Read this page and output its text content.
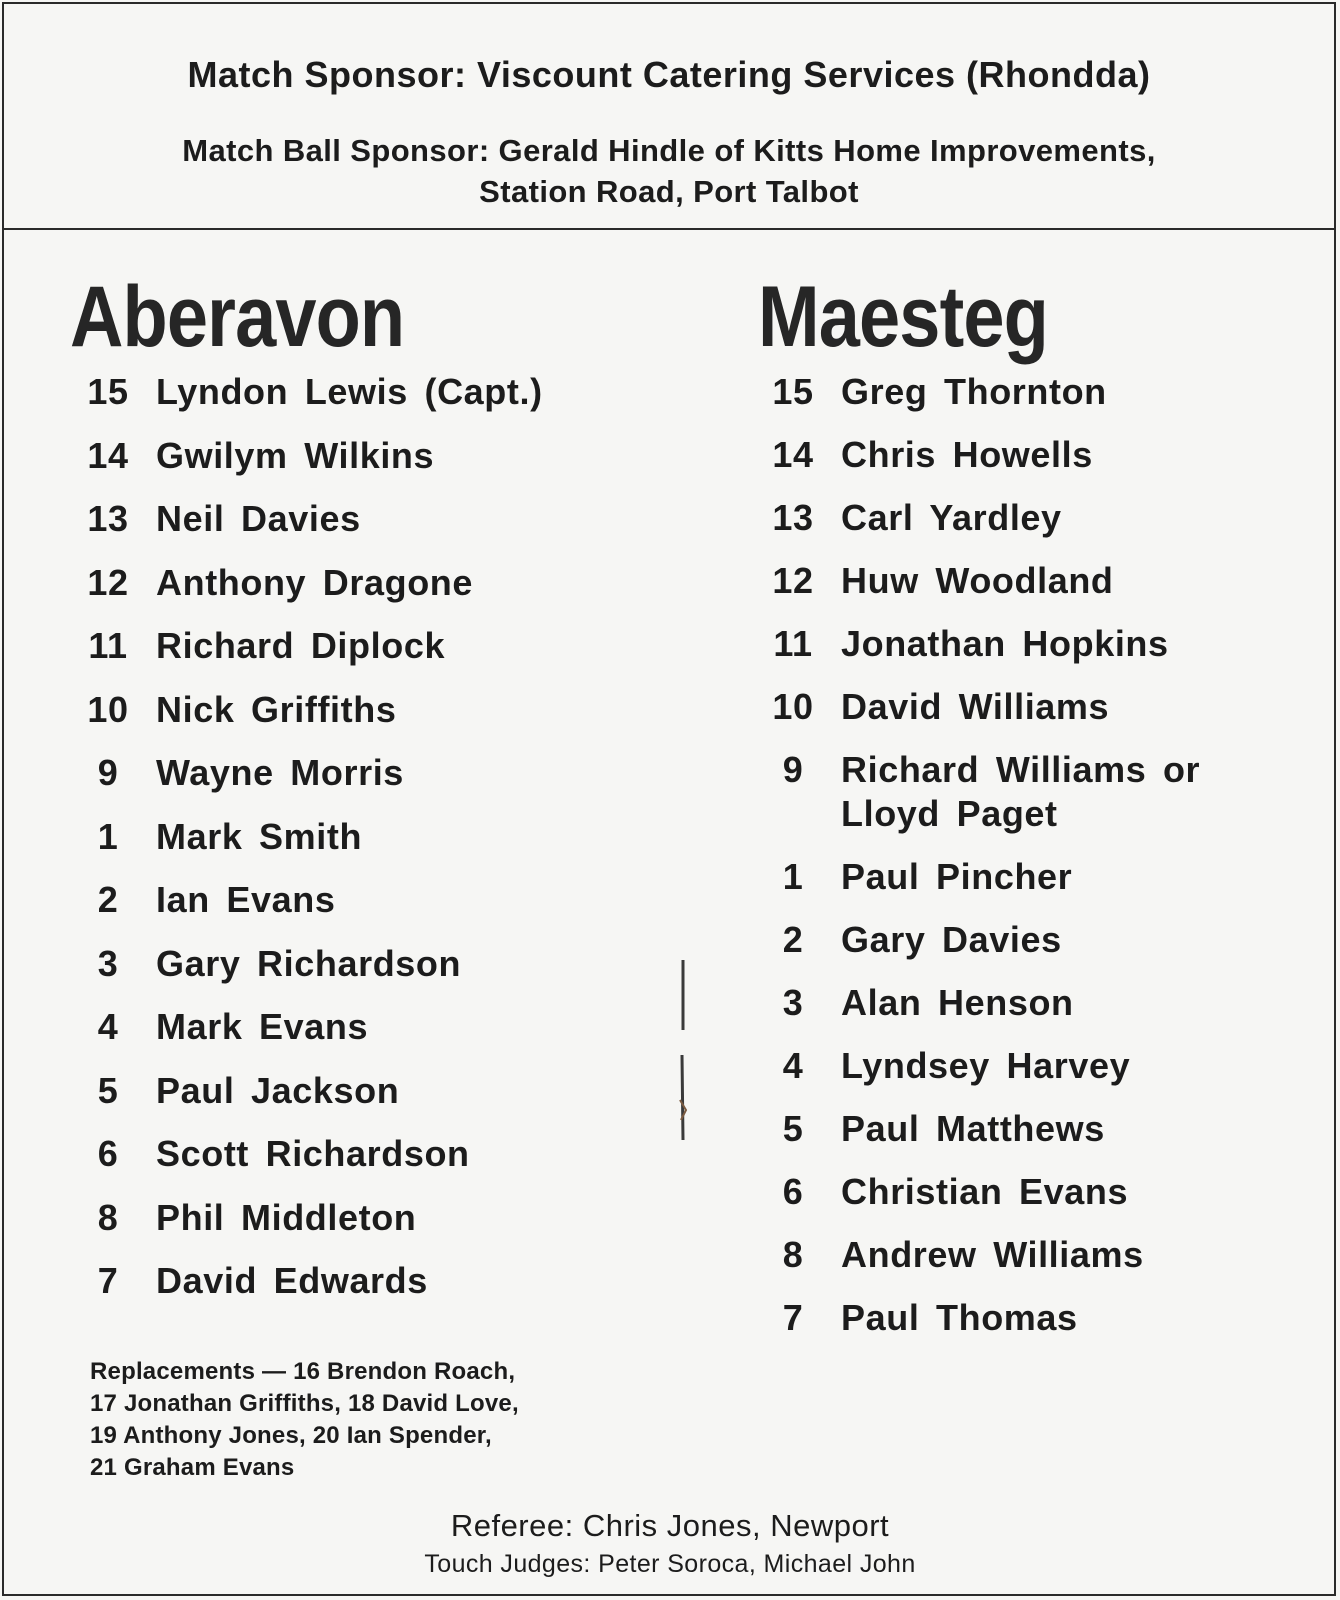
Match Sponsor: Viscount Catering Services (Rhondda)
Match Ball Sponsor: Gerald Hindle of Kitts Home Improvements,
Station Road, Port Talbot
Aberavon	Maesteg
15 Lyndon Lewis (Capt.)
14 Gwilym Wilkins
13 Neil Davies
12 Anthony Dragone
11 Richard Diplock
10 Nick Griffiths
9	Wayne Morris
1	Mark Smith
2	Ian Evans
3	Gary Richardson
4	Mark Evans
5	Paul Jackson
6	Scott Richardson
8	Phil Middleton
7	David Edwards
15 Greg Thornton
14 Chris Howells
13 Carl Yardley
12 Huw Woodland
11 Jonathan Hopkins
10 David Williams
9	Richard Williams or
Lloyd Paget
1	Paul Pincher
2	Gary Davies
3	Alan Henson
4	Lyndsey Harvey
5	Paul Matthews
6	Christian Evans
8	Andrew Williams
7	Paul Thomas
Replacements — 16 Brendon Roach,
17 Jonathan Griffiths, 18 David Love,
19 Anthony Jones, 20 Ian Spender,
21 Graham Evans
Referee: Chris Jones, Newport
Touch Judges: Peter Soroca, Michael John
